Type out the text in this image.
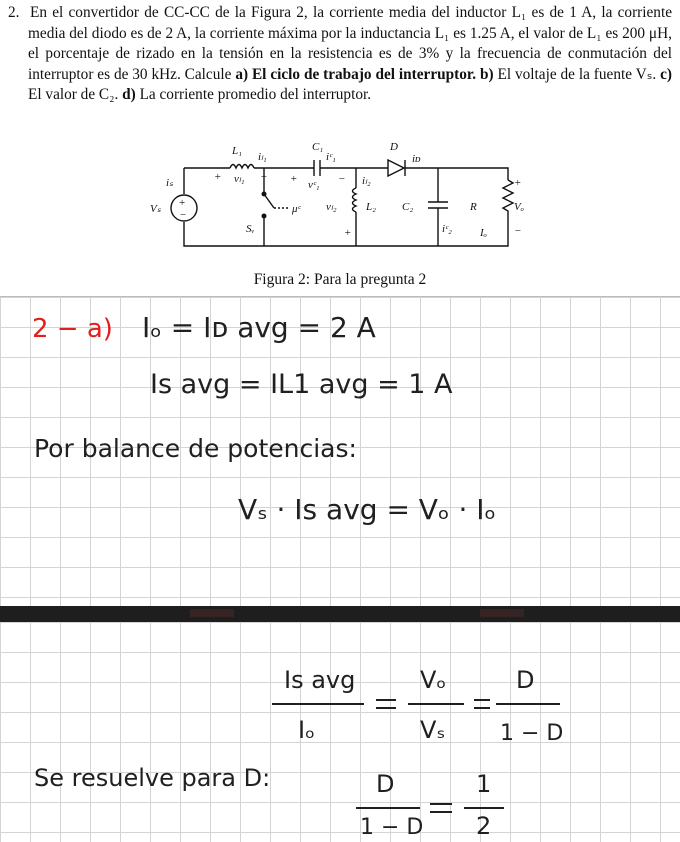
2. En el convertidor de CC-CC de la Figura 2, la corriente media del inductor L₁ es de 1 A, la corriente media del diodo es de 2 A, la corriente máxima por la inductancia L₁ es 1.25 A, el valor de L₁ es 200 μH, el porcentaje de rizado en la tensión en la resistencia es de 3% y la frecuencia de conmutación del interruptor es de 30 kHz. Calcule a) El ciclo de trabajo del interruptor. b) El voltaje de la fuente Vₛ. c) El valor de C₂. d) La corriente promedio del interruptor.

L₁ iₗ₁
+ vₗ₁ −
C₁
iᶜ₁
+ vᶜ₁ −
D
iᴅ
iₗ₂
vₗ₂	L₂
+
C₂
iᶜ₂
R
+
Vₒ
−
Iₒ
iₛ
Vₛ +
−
Sᵥ
μᶜ
Figura 2: Para la pregunta 2
2 − a) Iₒ = Iᴅ avg = 2 A
Is avg = IL1 avg = 1 A
Por balance de potencias:
Vₛ · Is avg = Vₒ · Iₒ
Is avg
Iₒ
Vₒ
Vₛ
D
1 − D
Se resuelve para D:	D
1 − D
1
2
